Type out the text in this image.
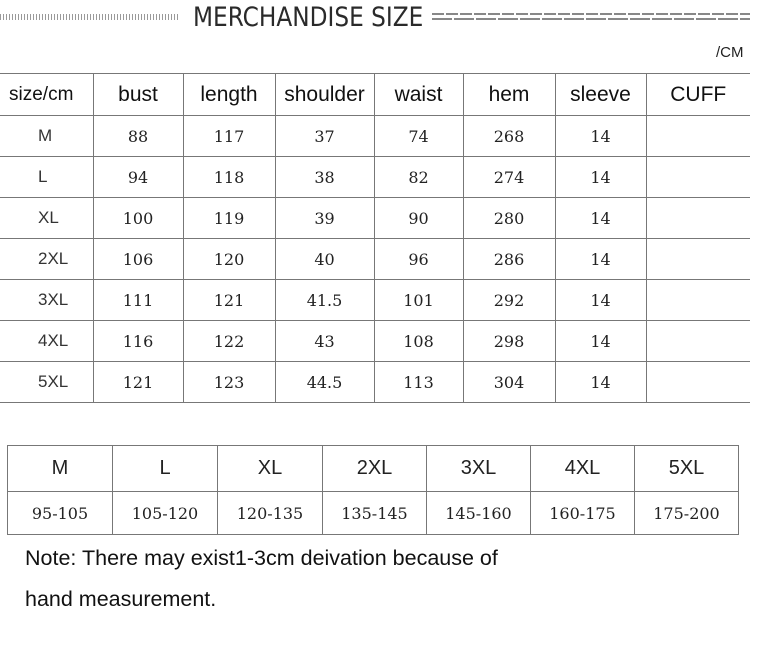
MERCHANDISE SIZE
/CM
size/cm	bust	length	shoulder	waist	hem	sleeve	CUFF
M	88	117	37	74	268	14	
L	94	118	38	82	274	14	
XL	100	119	39	90	280	14	
2XL	106	120	40	96	286	14	
3XL	111	121	41.5	101	292	14	
4XL	116	122	43	108	298	14	
5XL	121	123	44.5	113	304	14	
M	L	XL	2XL	3XL	4XL	5XL
95-105	105-120	120-135	135-145	145-160	160-175	175-200
Note: There may exist1-3cm deivation because of
hand measurement.
